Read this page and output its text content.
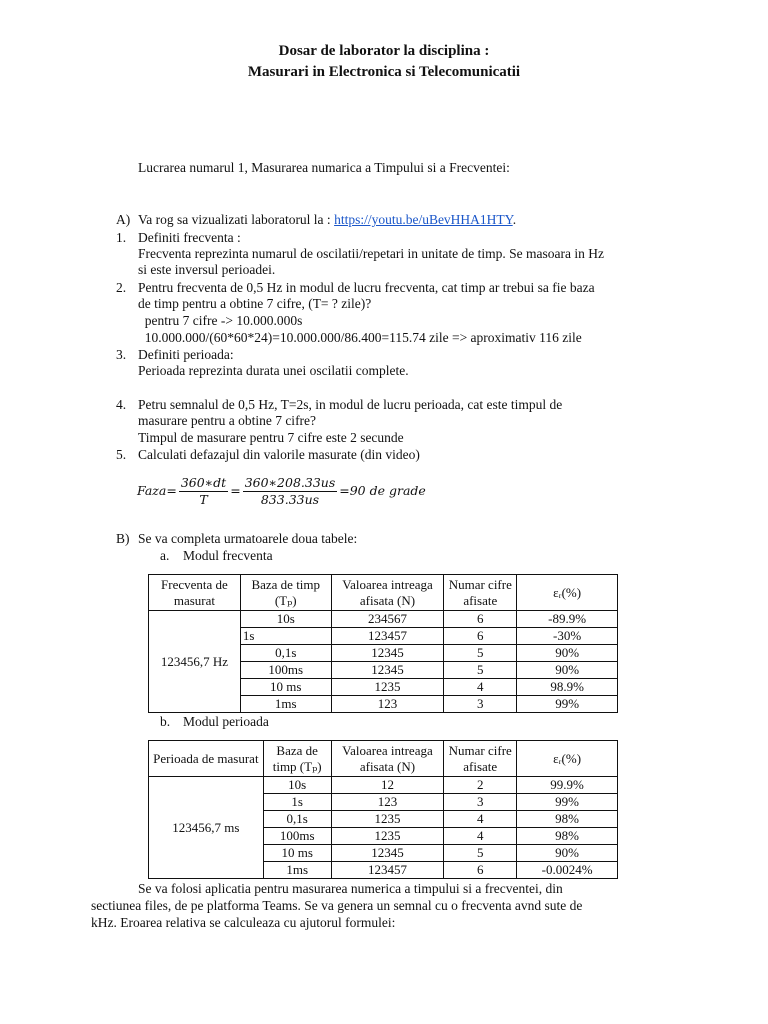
Dosar de laborator la disciplina :
Masurari in Electronica si Telecomunicatii
Lucrarea numarul 1, Masurarea numarica a Timpului si a Frecventei:
A) Va rog sa vizualizati laboratorul la : https://youtu.be/uBevHHA1HTY.
1. Definiti frecventa :
Frecventa reprezinta numarul de oscilatii/repetari in unitate de timp. Se masoara in Hz
si este inversul perioadei.
2. Pentru frecventa de 0,5 Hz in modul de lucru frecventa, cat timp ar trebui sa fie baza
de timp pentru a obtine 7 cifre, (T= ? zile)?
pentru 7 cifre -> 10.000.000s
10.000.000/(60*60*24)=10.000.000/86.400=115.74 zile => aproximativ 116 zile
3. Definiti perioada:
Perioada reprezinta durata unei oscilatii complete.
4. Petru semnalul de 0,5 Hz, T=2s, in modul de lucru perioada, cat este timpul de
masurare pentru a obtine 7 cifre?
Timpul de masurare pentru 7 cifre este 2 secunde
5. Calculati defazajul din valorile masurate (din video)
Faza= $\frac{360∗dt}{T} = \frac{360∗208.33us}{833.33us} =90$ de grade
B) Se va completa urmatoarele doua tabele:
a. Modul frecventa
Frecventa de masurat	Baza de timp (Tₚ)	Valoarea intreaga afisata (N)	Numar cifre afisate	εᵣ(%)
123456,7 Hz	10s	234567	6	-89.9%
	1s	123457	6	-30%
	0,1s	12345	5	90%
	100ms	12345	5	90%
	10 ms	1235	4	98.9%
	1ms	123	3	99%
b. Modul perioada
Perioada de masurat	Baza de timp (Tₚ)	Valoarea intreaga afisata (N)	Numar cifre afisate	εᵣ(%)
123456,7 ms	10s	12	2	99.9%
	1s	123	3	99%
	0,1s	1235	4	98%
	100ms	1235	4	98%
	10 ms	12345	5	90%
	1ms	123457	6	-0.0024%
Se va folosi aplicatia pentru masurarea numerica a timpului si a frecventei, din
sectiunea files, de pe platforma Teams. Se va genera un semnal cu o frecventa avnd sute de
kHz. Eroarea relativa se calculeaza cu ajutorul formulei:
